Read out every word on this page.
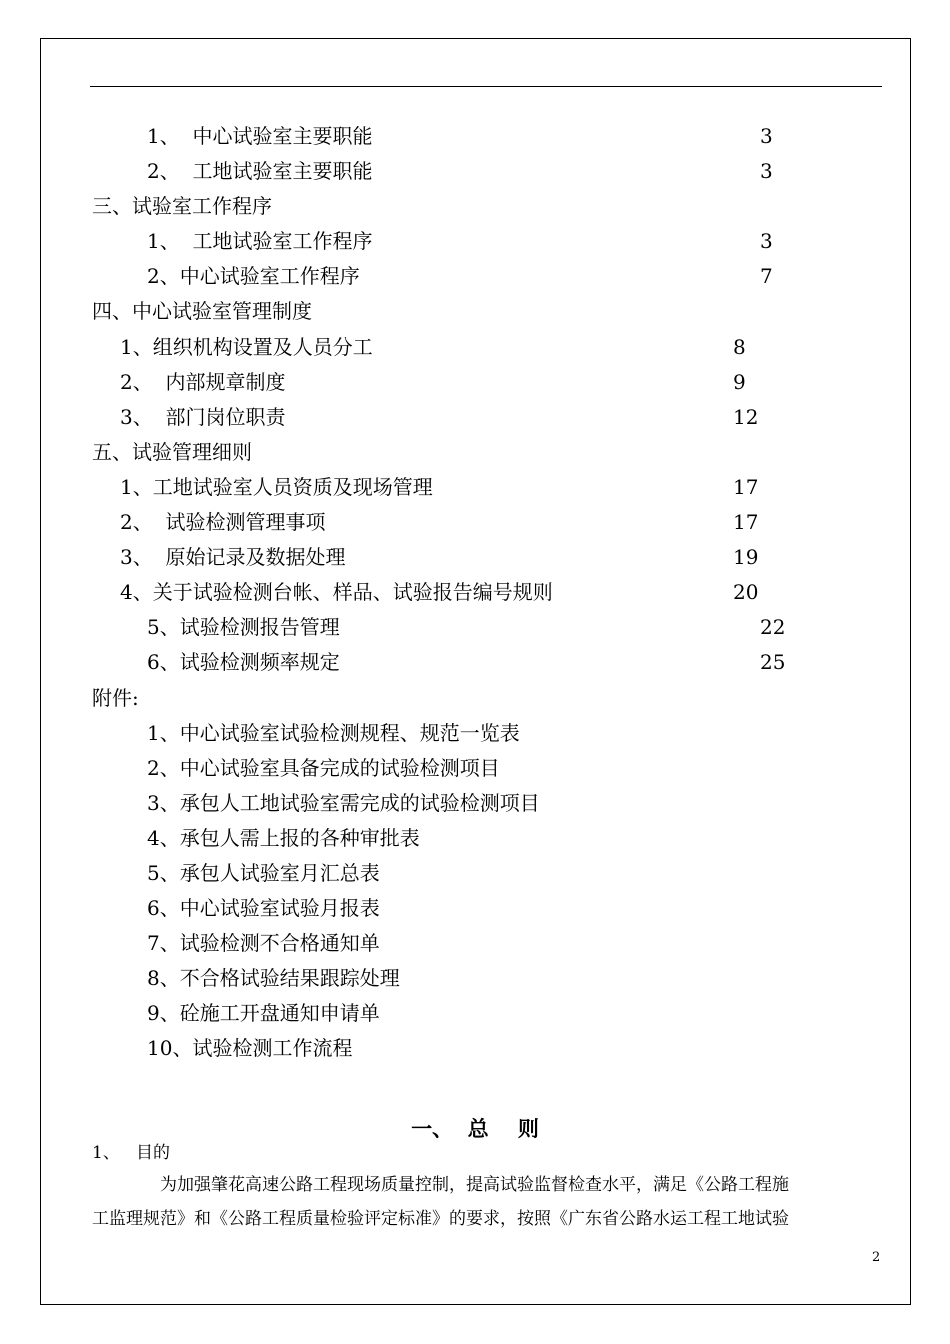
1、  中心试验室主要职能	3
2、  工地试验室主要职能	3
三、试验室工作程序
1、  工地试验室工作程序	3
2、中心试验室工作程序	7
四、中心试验室管理制度
1、组织机构设置及人员分工	8
2、  内部规章制度	9
3、  部门岗位职责	12
五、试验管理细则
1、工地试验室人员资质及现场管理	17
2、  试验检测管理事项	17
3、  原始记录及数据处理	19
4、关于试验检测台帐、样品、试验报告编号规则	20
5、试验检测报告管理	22
6、试验检测频率规定	25
附件:
1、中心试验室试验检测规程、规范一览表
2、中心试验室具备完成的试验检测项目
3、承包人工地试验室需完成的试验检测项目
4、承包人需上报的各种审批表
5、承包人试验室月汇总表
6、中心试验室试验月报表
7、试验检测不合格通知单
8、不合格试验结果跟踪处理
9、砼施工开盘通知申请单
10、试验检测工作流程
一、  总    则
1、   目的
为加强肇花高速公路工程现场质量控制，提高试验监督检查水平，满足《公路工程施
工监理规范》和《公路工程质量检验评定标准》的要求，按照《广东省公路水运工程工地试验
2
